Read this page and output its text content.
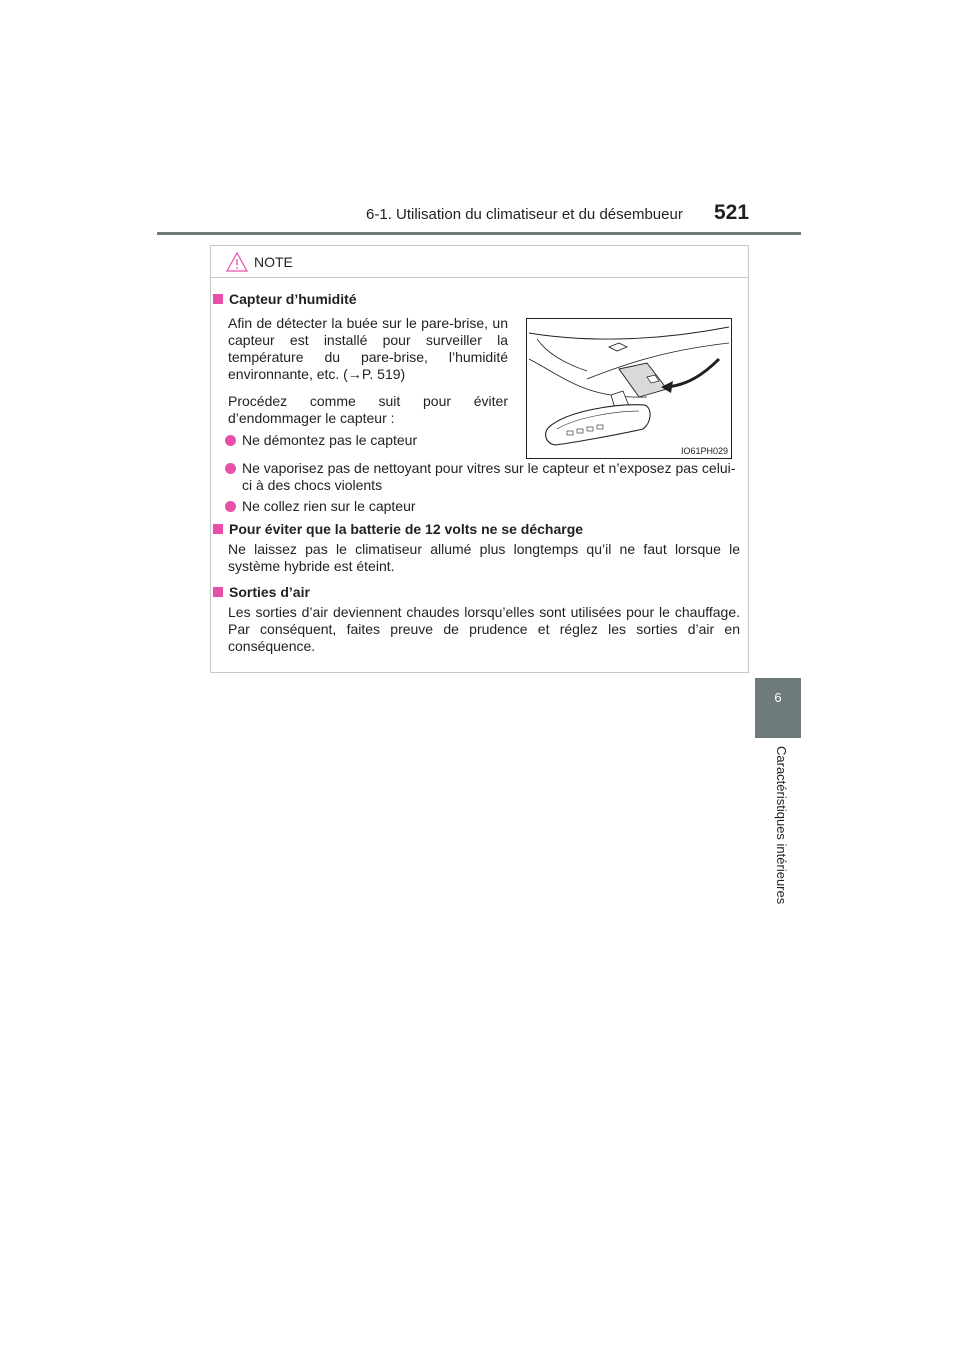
6-1. Utilisation du climatiseur et du désembueur 521
6
Caractéristiques intérieures
NOTE
Capteur d’humidité
Afin de détecter la buée sur le pare-brise, un capteur est installé pour surveiller la température du pare-brise, l’humidité environnante, etc. (→P. 519)
Procédez comme suit pour éviter d’endommager le capteur :
Ne démontez pas le capteur
Ne vaporisez pas de nettoyant pour vitres sur le capteur et n’exposez pas celui-ci à des chocs violents
Ne collez rien sur le capteur
IO61PH029
Pour éviter que la batterie de 12 volts ne se décharge
Ne laissez pas le climatiseur allumé plus longtemps qu’il ne faut lorsque le système hybride est éteint.
Sorties d’air
Les sorties d’air deviennent chaudes lorsqu’elles sont utilisées pour le chauffage. Par conséquent, faites preuve de prudence et réglez les sorties d’air en conséquence.
